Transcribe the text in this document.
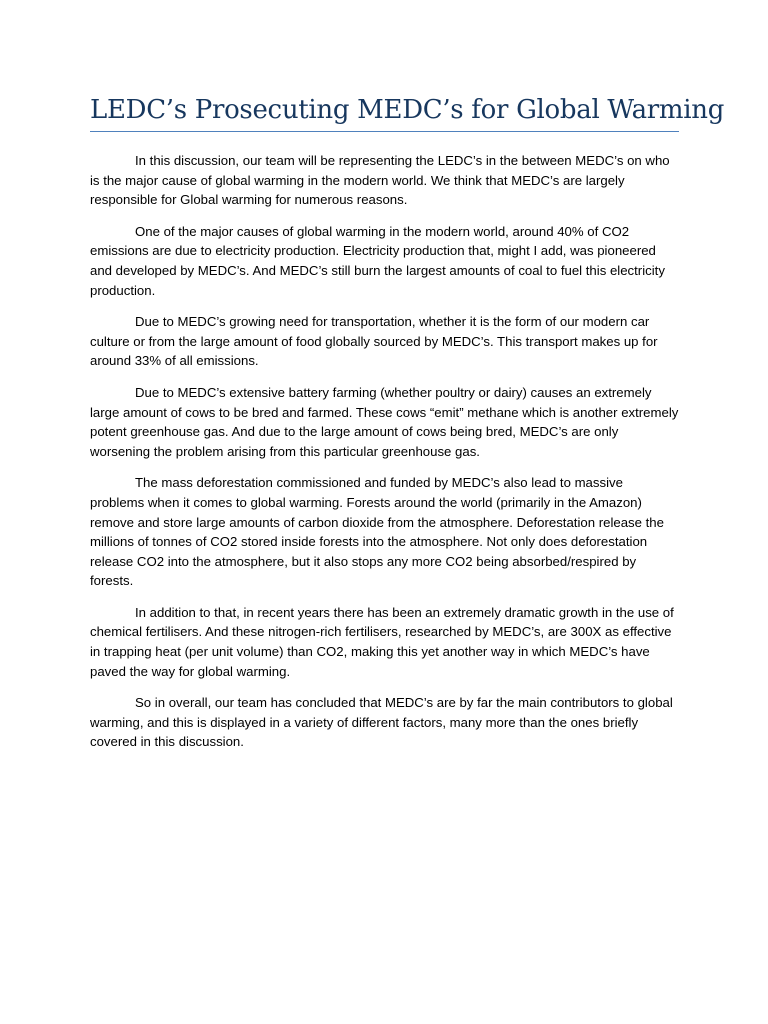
LEDC’s Prosecuting MEDC’s for Global Warming

In this discussion, our team will be representing the LEDC’s in the between MEDC’s on who is the major cause of global warming in the modern world. We think that MEDC’s are largely responsible for Global warming for numerous reasons.

One of the major causes of global warming in the modern world, around 40% of CO2 emissions are due to electricity production. Electricity production that, might I add, was pioneered and developed by MEDC’s. And MEDC’s still burn the largest amounts of coal to fuel this electricity production.

Due to MEDC’s growing need for transportation, whether it is the form of our modern car culture or from the large amount of food globally sourced by MEDC’s. This transport makes up for around 33% of all emissions.

Due to MEDC’s extensive battery farming (whether poultry or dairy) causes an extremely large amount of cows to be bred and farmed. These cows “emit” methane which is another extremely potent greenhouse gas. And due to the large amount of cows being bred, MEDC’s are only worsening the problem arising from this particular greenhouse gas.

The mass deforestation commissioned and funded by MEDC’s also lead to massive problems when it comes to global warming. Forests around the world (primarily in the Amazon) remove and store large amounts of carbon dioxide from the atmosphere. Deforestation release the millions of tonnes of CO2 stored inside forests into the atmosphere. Not only does deforestation release CO2 into the atmosphere, but it also stops any more CO2 being absorbed/respired by forests.

In addition to that, in recent years there has been an extremely dramatic growth in the use of chemical fertilisers. And these nitrogen-rich fertilisers, researched by MEDC’s, are 300X as effective in trapping heat (per unit volume) than CO2, making this yet another way in which MEDC’s have paved the way for global warming.

So in overall, our team has concluded that MEDC’s are by far the main contributors to global warming, and this is displayed in a variety of different factors, many more than the ones briefly covered in this discussion.
